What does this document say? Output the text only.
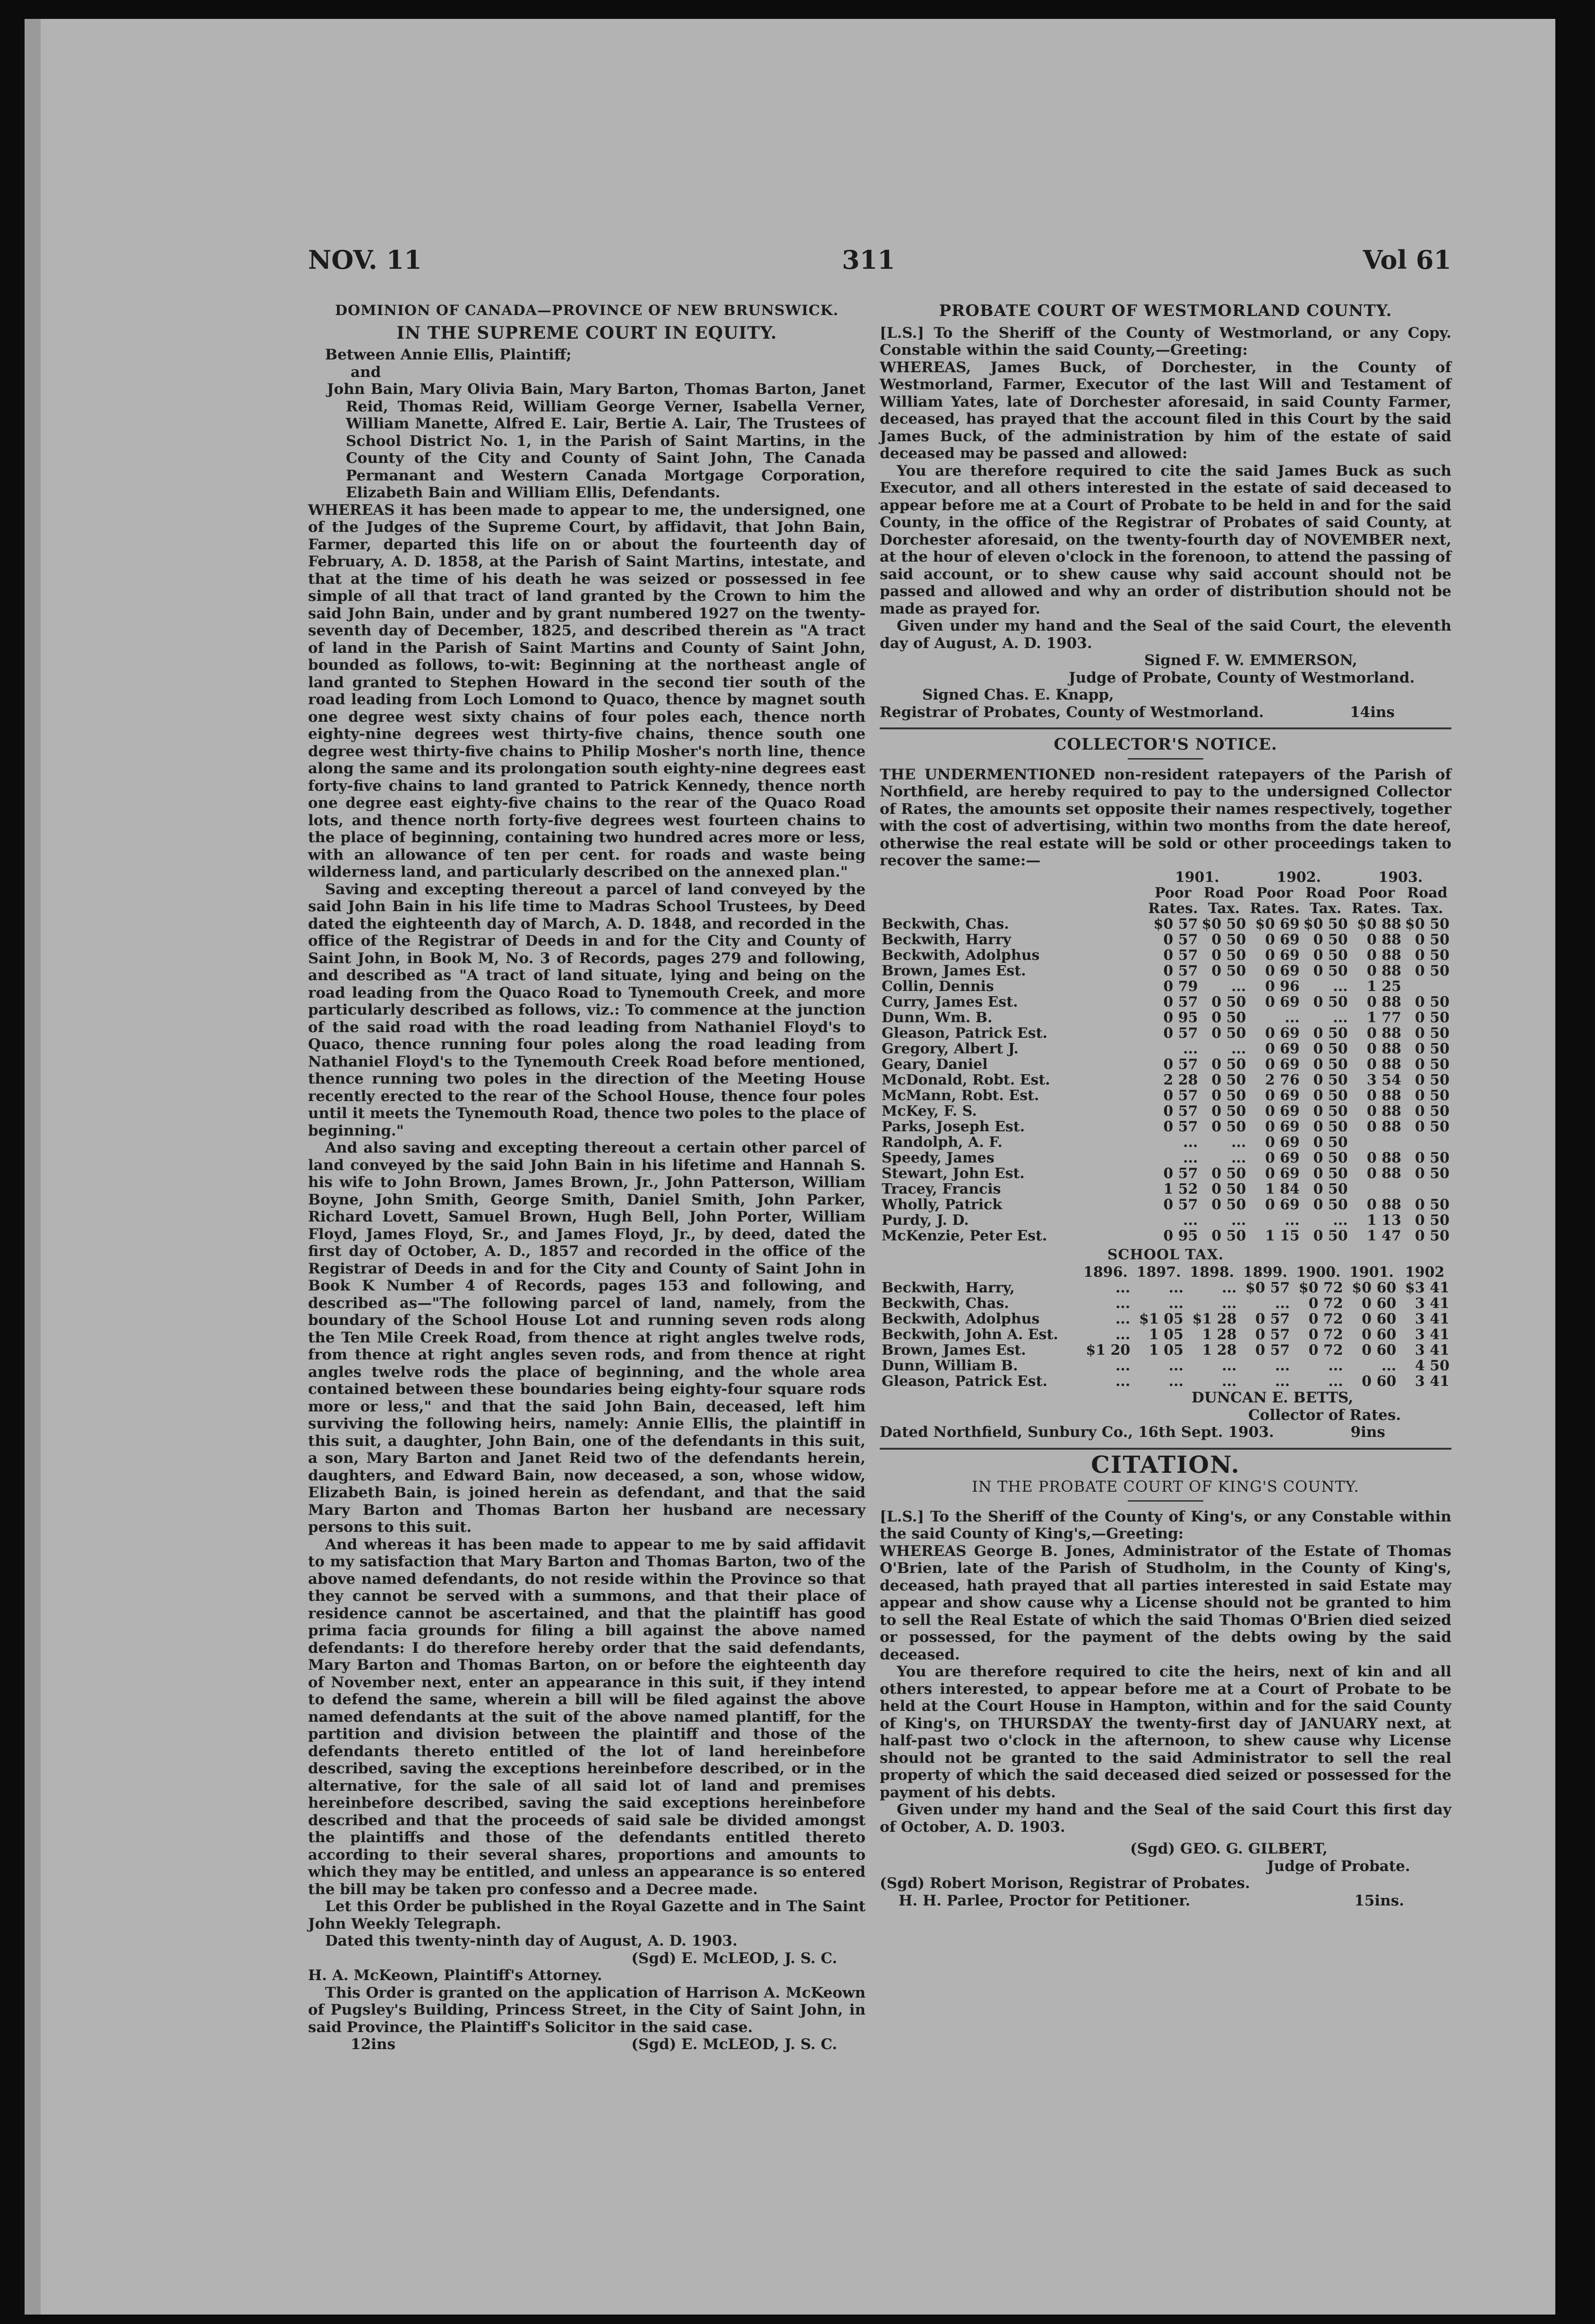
NOV. 11	311	Vol 61
DOMINION OF CANADA—PROVINCE OF NEW BRUNSWICK.
IN THE SUPREME COURT IN EQUITY.

Between Annie Ellis, Plaintiff;

and

John Bain, Mary Olivia Bain, Mary Barton, Thomas Barton, Janet Reid, Thomas Reid, William George Verner, Isabella Verner, William Manette, Alfred E. Lair, Bertie A. Lair, The Trustees of School District No. 1, in the Parish of Saint Martins, in the County of the City and County of Saint John, The Canada Permanant and Western Canada Mortgage Corporation, Elizabeth Bain and William Ellis, Defendants.

WHEREAS it has been made to appear to me, the undersigned, one of the Judges of the Supreme Court, by affidavit, that John Bain, Farmer, departed this life on or about the fourteenth day of February, A. D. 1858, at the Parish of Saint Martins, intestate, and that at the time of his death he was seized or possessed in fee simple of all that tract of land granted by the Crown to him the said John Bain, under and by grant numbered 1927 on the twenty-seventh day of December, 1825, and described therein as "A tract of land in the Parish of Saint Martins and County of Saint John, bounded as follows, to-wit: Beginning at the northeast angle of land granted to Stephen Howard in the second tier south of the road leading from Loch Lomond to Quaco, thence by magnet south one degree west sixty chains of four poles each, thence north eighty-nine degrees west thirty-five chains, thence south one degree west thirty-five chains to Philip Mosher's north line, thence along the same and its prolongation south eighty-nine degrees east forty-five chains to land granted to Patrick Kennedy, thence north one degree east eighty-five chains to the rear of the Quaco Road lots, and thence north forty-five degrees west fourteen chains to the place of beginning, containing two hundred acres more or less, with an allowance of ten per cent. for roads and waste being wilderness land, and particularly described on the annexed plan."

Saving and excepting thereout a parcel of land conveyed by the said John Bain in his life time to Madras School Trustees, by Deed dated the eighteenth day of March, A. D. 1848, and recorded in the office of the Registrar of Deeds in and for the City and County of Saint John, in Book M, No. 3 of Records, pages 279 and following, and described as "A tract of land situate, lying and being on the road leading from the Quaco Road to Tynemouth Creek, and more particularly described as follows, viz.: To commence at the junction of the said road with the road leading from Nathaniel Floyd's to Quaco, thence running four poles along the road leading from Nathaniel Floyd's to the Tynemouth Creek Road before mentioned, thence running two poles in the direction of the Meeting House recently erected to the rear of the School House, thence four poles until it meets the Tynemouth Road, thence two poles to the place of beginning."

And also saving and excepting thereout a certain other parcel of land conveyed by the said John Bain in his lifetime and Hannah S. his wife to John Brown, James Brown, Jr., John Patterson, William Boyne, John Smith, George Smith, Daniel Smith, John Parker, Richard Lovett, Samuel Brown, Hugh Bell, John Porter, William Floyd, James Floyd, Sr., and James Floyd, Jr., by deed, dated the first day of October, A. D., 1857 and recorded in the office of the Registrar of Deeds in and for the City and County of Saint John in Book K Number 4 of Records, pages 153 and following, and described as—"The following parcel of land, namely, from the boundary of the School House Lot and running seven rods along the Ten Mile Creek Road, from thence at right angles twelve rods, from thence at right angles seven rods, and from thence at right angles twelve rods the place of beginning, and the whole area contained between these boundaries being eighty-four square rods more or less," and that the said John Bain, deceased, left him surviving the following heirs, namely: Annie Ellis, the plaintiff in this suit, a daughter, John Bain, one of the defendants in this suit, a son, Mary Barton and Janet Reid two of the defendants herein, daughters, and Edward Bain, now deceased, a son, whose widow, Elizabeth Bain, is joined herein as defendant, and that the said Mary Barton and Thomas Barton her husband are necessary persons to this suit.

And whereas it has been made to appear to me by said affidavit to my satisfaction that Mary Barton and Thomas Barton, two of the above named defendants, do not reside within the Province so that they cannot be served with a summons, and that their place of residence cannot be ascertained, and that the plaintiff has good prima facia grounds for filing a bill against the above named defendants: I do therefore hereby order that the said defendants, Mary Barton and Thomas Barton, on or before the eighteenth day of November next, enter an appearance in this suit, if they intend to defend the same, wherein a bill will be filed against the above named defendants at the suit of the above named plantiff, for the partition and division between the plaintiff and those of the defendants thereto entitled of the lot of land hereinbefore described, saving the exceptions hereinbefore described, or in the alternative, for the sale of all said lot of land and premises hereinbefore described, saving the said exceptions hereinbefore described and that the proceeds of said sale be divided amongst the plaintiffs and those of the defendants entitled thereto according to their several shares, proportions and amounts to which they may be entitled, and unless an appearance is so entered the bill may be taken pro confesso and a Decree made.

Let this Order be published in the Royal Gazette and in The Saint John Weekly Telegraph.

Dated this twenty-ninth day of August, A. D. 1903.

(Sgd) E. McLEOD, J. S. C.

H. A. McKeown, Plaintiff's Attorney.

This Order is granted on the application of Harrison A. McKeown of Pugsley's Building, Princess Street, in the City of Saint John, in said Province, the Plaintiff's Solicitor in the said case.

12ins	(Sgd) E. McLEOD, J. S. C.
PROBATE COURT OF WESTMORLAND COUNTY.

[L.S.] To the Sheriff of the County of Westmorland, or any Copy. Constable within the said County,—Greeting:

WHEREAS, James Buck, of Dorchester, in the County of Westmorland, Farmer, Executor of the last Will and Testament of William Yates, late of Dorchester aforesaid, in said County Farmer, deceased, has prayed that the account filed in this Court by the said James Buck, of the administration by him of the estate of said deceased may be passed and allowed:

You are therefore required to cite the said James Buck as such Executor, and all others interested in the estate of said deceased to appear before me at a Court of Probate to be held in and for the said County, in the office of the Registrar of Probates of said County, at Dorchester aforesaid, on the twenty-fourth day of NOVEMBER next, at the hour of eleven o'clock in the forenoon, to attend the passing of said account, or to shew cause why said account should not be passed and allowed and why an order of distribution should not be made as prayed for.

Given under my hand and the Seal of the said Court, the eleventh day of August, A. D. 1903.

Signed F. W. EMMERSON,

Judge of Probate, County of Westmorland.

Signed Chas. E. Knapp,

Registrar of Probates, County of Westmorland.	14ins
COLLECTOR'S NOTICE.

THE UNDERMENTIONED non-resident ratepayers of the Parish of Northfield, are hereby required to pay to the undersigned Collector of Rates, the amounts set opposite their names respectively, together with the cost of advertising, within two months from the date hereof, otherwise the real estate will be sold or other proceedings taken to recover the same:—

	1901.		1902.		1903.	
	Poor Rates.	Road Tax.	Poor Rates.	Road Tax.	Poor Rates.	Road Tax.
Beckwith, Chas.	$0 57	$0 50	$0 69	$0 50	$0 88	$0 50
Beckwith, Harry	0 57	0 50	0 69	0 50	0 88	0 50
Beckwith, Adolphus	0 57	0 50	0 69	0 50	0 88	0 50
Brown, James Est.	0 57	0 50	0 69	0 50	0 88	0 50
Collin, Dennis	0 79	...	0 96	...	1 25	
Curry, James Est.	0 57	0 50	0 69	0 50	0 88	0 50
Dunn, Wm. B.	0 95	0 50	...	...	1 77	0 50
Gleason, Patrick Est.	0 57	0 50	0 69	0 50	0 88	0 50
Gregory, Albert J.	...	...	0 69	0 50	0 88	0 50
Geary, Daniel	0 57	0 50	0 69	0 50	0 88	0 50
McDonald, Robt. Est.	2 28	0 50	2 76	0 50	3 54	0 50
McMann, Robt. Est.	0 57	0 50	0 69	0 50	0 88	0 50
McKey, F. S.	0 57	0 50	0 69	0 50	0 88	0 50
Parks, Joseph Est.	0 57	0 50	0 69	0 50	0 88	0 50
Randolph, A. F.	...	...	0 69	0 50		
Speedy, James	...	...	0 69	0 50	0 88	0 50
Stewart, John Est.	0 57	0 50	0 69	0 50	0 88	0 50
Tracey, Francis	1 52	0 50	1 84	0 50		
Wholly, Patrick	0 57	0 50	0 69	0 50	0 88	0 50
Purdy, J. D.	...	...	...	...	1 13	0 50
McKenzie, Peter Est.	0 95	0 50	1 15	0 50	1 47	0 50
SCHOOL TAX.
	1896.	1897.	1898.	1899.	1900.	1901.	1902
Beckwith, Harry,	...	...	...	$0 57	$0 72	$0 60	$3 41
Beckwith, Chas.	...	...	...	...	0 72	0 60	3 41
Beckwith, Adolphus	...	$1 05	$1 28	0 57	0 72	0 60	3 41
Beckwith, John A. Est.	...	1 05	1 28	0 57	0 72	0 60	3 41
Brown, James Est.	$1 20	1 05	1 28	0 57	0 72	0 60	3 41
Dunn, William B.	...	...	...	...	...	...	4 50
Gleason, Patrick Est.	...	...	...	...	...	0 60	3 41

DUNCAN E. BETTS,

Collector of Rates.

Dated Northfield, Sunbury Co., 16th Sept. 1903.	9ins
CITATION.
IN THE PROBATE COURT OF KING'S COUNTY.

[L.S.] To the Sheriff of the County of King's, or any Constable within the said County of King's,—Greeting:

WHEREAS George B. Jones, Administrator of the Estate of Thomas O'Brien, late of the Parish of Studholm, in the County of King's, deceased, hath prayed that all parties interested in said Estate may appear and show cause why a License should not be granted to him to sell the Real Estate of which the said Thomas O'Brien died seized or possessed, for the payment of the debts owing by the said deceased.

You are therefore required to cite the heirs, next of kin and all others interested, to appear before me at a Court of Probate to be held at the Court House in Hampton, within and for the said County of King's, on THURSDAY the twenty-first day of JANUARY next, at half-past two o'clock in the afternoon, to shew cause why License should not be granted to the said Administrator to sell the real property of which the said deceased died seized or possessed for the payment of his debts.

Given under my hand and the Seal of the said Court this first day of October, A. D. 1903.

(Sgd) GEO. G. GILBERT,

Judge of Probate.

(Sgd) Robert Morison, Registrar of Probates.

H. H. Parlee, Proctor for Petitioner.	15ins.
